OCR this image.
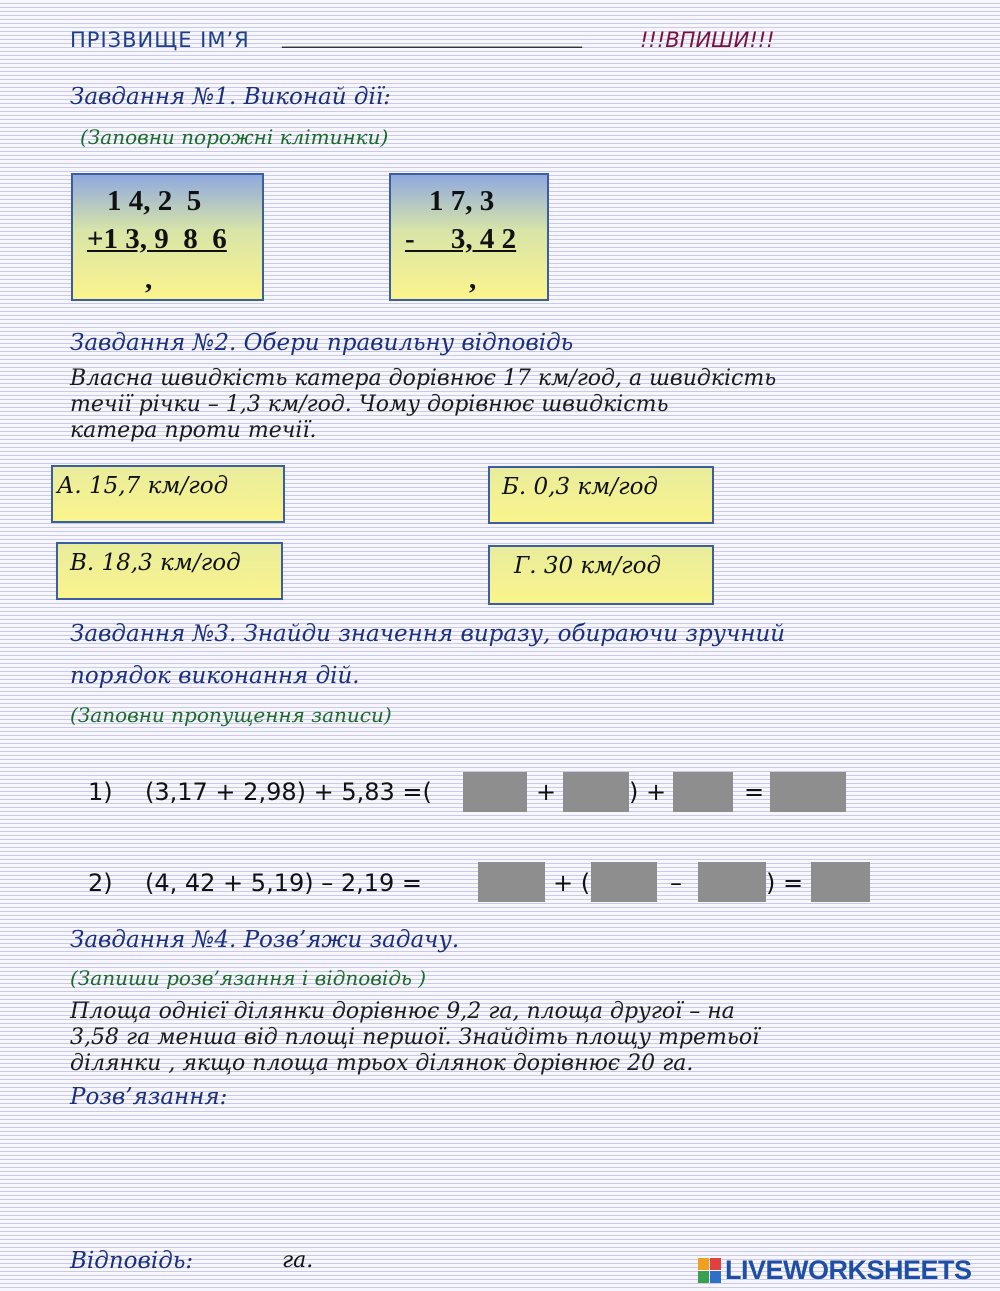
ПРІЗВИЩЕ ІМ’Я ______________________________	!!!ВПИШИ!!!
Завдання №1. Виконай дії:
(Заповни порожні клітинки)
1 4, 2  5
+1 3, 9  8  6
,
1 7, 3
-     3, 4 2
,
Завдання №2. Обери правильну відповідь
Власна швидкість катера дорівнює 17 км/год, а швидкість
течії річки – 1,3 км/год. Чому дорівнює швидкість
катера проти течії.
А. 15,7 км/год	Б. 0,3 км/год
В. 18,3 км/год	Г. 30 км/год
Завдання №3. Знайди значення виразу, обираючи зручний
порядок виконання дій.
(Заповни пропущення записи)
1) (3,17 + 2,98) + 5,83 =(	+	) +	=
2) (4, 42 + 5,19) – 2,19 =	+ (	–	) =
Завдання №4. Розв’яжи задачу.
(Запиши розв’язання і відповідь )
Площа однієї ділянки дорівнює 9,2 га, площа другої – на
3,58 га менша від площі першої. Знайдіть площу третьої
ділянки , якщо площа трьох ділянок дорівнює 20 га.
Розв’язання:
Відповідь:	га.	LIVEWORKSHEETS
